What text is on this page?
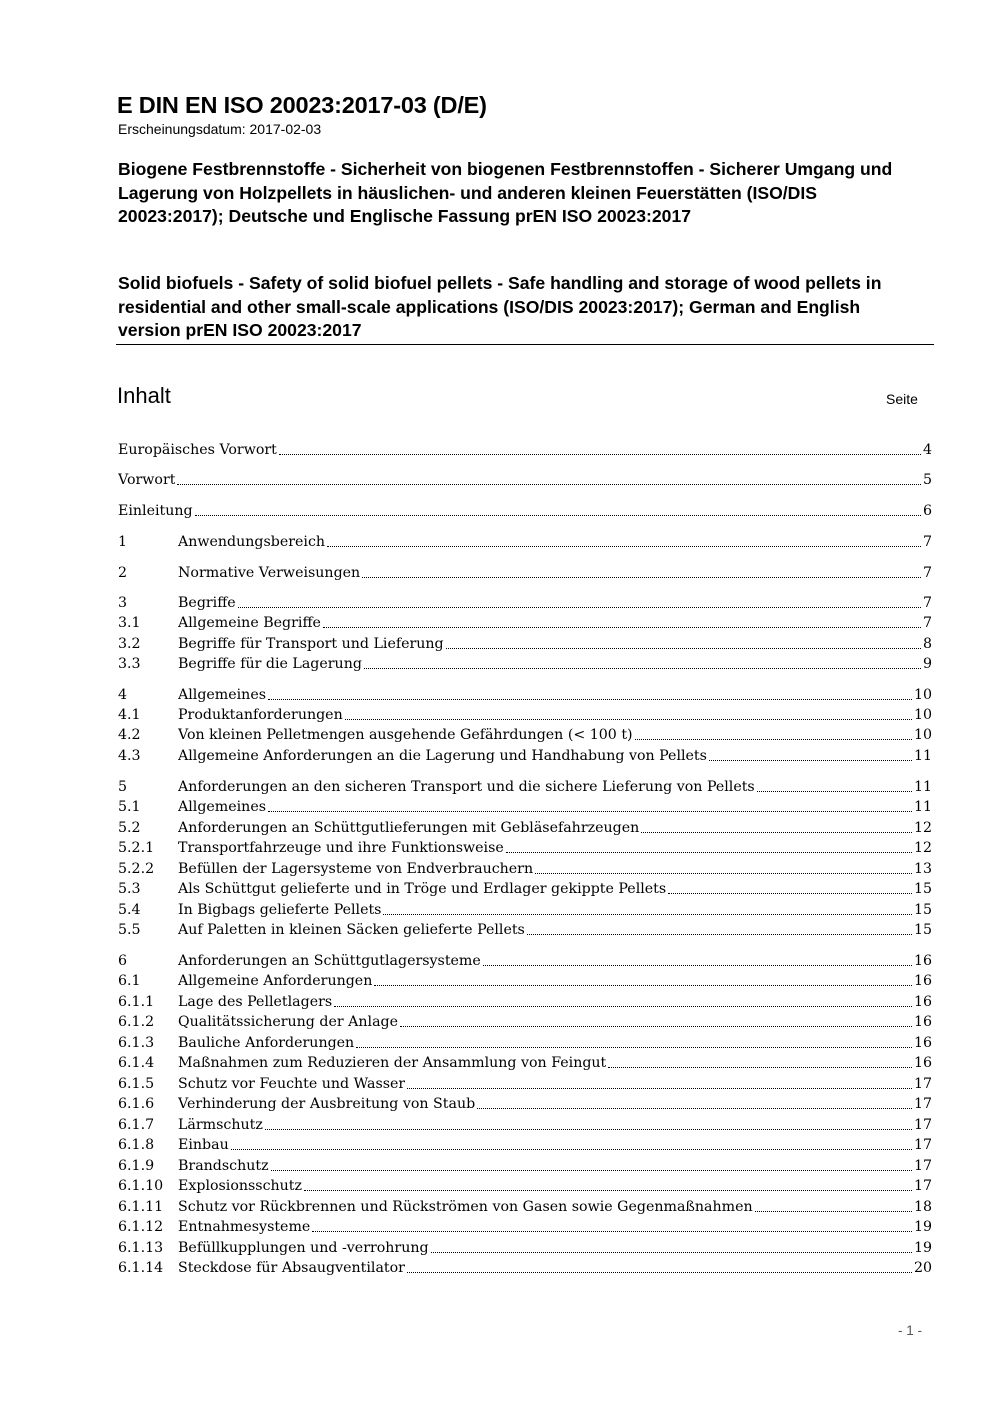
E DIN EN ISO 20023:2017-03 (D/E)
Erscheinungsdatum: 2017-02-03
Biogene Festbrennstoffe - Sicherheit von biogenen Festbrennstoffen - Sicherer Umgang und Lagerung von Holzpellets in häuslichen- und anderen kleinen Feuerstätten (ISO/DIS 20023:2017); Deutsche und Englische Fassung prEN ISO 20023:2017
Solid biofuels - Safety of solid biofuel pellets - Safe handling and storage of wood pellets in residential and other small-scale applications (ISO/DIS 20023:2017); German and English version prEN ISO 20023:2017
Inhalt	Seite
Europäisches Vorwort	4
Vorwort	5
Einleitung	6
1	Anwendungsbereich	7
2	Normative Verweisungen	7
3	Begriffe	7
3.1	Allgemeine Begriffe	7
3.2	Begriffe für Transport und Lieferung	8
3.3	Begriffe für die Lagerung	9
4	Allgemeines	10
4.1	Produktanforderungen	10
4.2	Von kleinen Pelletmengen ausgehende Gefährdungen (< 100 t)	10
4.3	Allgemeine Anforderungen an die Lagerung und Handhabung von Pellets	11
5	Anforderungen an den sicheren Transport und die sichere Lieferung von Pellets	11
5.1	Allgemeines	11
5.2	Anforderungen an Schüttgutlieferungen mit Gebläsefahrzeugen	12
5.2.1	Transportfahrzeuge und ihre Funktionsweise	12
5.2.2	Befüllen der Lagersysteme von Endverbrauchern	13
5.3	Als Schüttgut gelieferte und in Tröge und Erdlager gekippte Pellets	15
5.4	In Bigbags gelieferte Pellets	15
5.5	Auf Paletten in kleinen Säcken gelieferte Pellets	15
6	Anforderungen an Schüttgutlagersysteme	16
6.1	Allgemeine Anforderungen	16
6.1.1	Lage des Pelletlagers	16
6.1.2	Qualitätssicherung der Anlage	16
6.1.3	Bauliche Anforderungen	16
6.1.4	Maßnahmen zum Reduzieren der Ansammlung von Feingut	16
6.1.5	Schutz vor Feuchte und Wasser	17
6.1.6	Verhinderung der Ausbreitung von Staub	17
6.1.7	Lärmschutz	17
6.1.8	Einbau	17
6.1.9	Brandschutz	17
6.1.10	Explosionsschutz	17
6.1.11	Schutz vor Rückbrennen und Rückströmen von Gasen sowie Gegenmaßnahmen	18
6.1.12	Entnahmesysteme	19
6.1.13	Befüllkupplungen und -verrohrung	19
6.1.14	Steckdose für Absaugventilator	20
- 1 -
